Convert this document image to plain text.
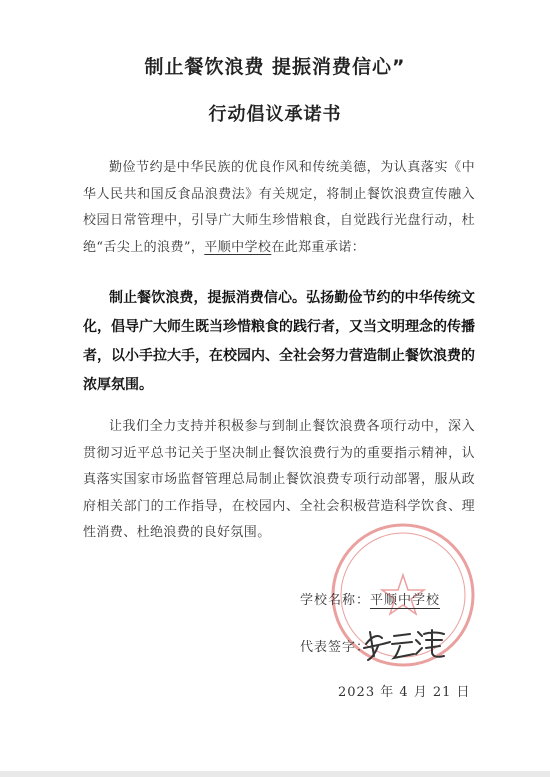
制止餐饮浪费 提振消费信心”
行动倡议承诺书

勤俭节约是中华民族的优良作风和传统美德，为认真落实《中华人民共和国反食品浪费法》有关规定，将制止餐饮浪费宣传融入校园日常管理中，引导广大师生珍惜粮食，自觉践行光盘行动，杜绝“舌尖上的浪费”，平顺中学校在此郑重承诺：

制止餐饮浪费，提振消费信心。弘扬勤俭节约的中华传统文化，倡导广大师生既当珍惜粮食的践行者，又当文明理念的传播者，以小手拉大手，在校园内、全社会努力营造制止餐饮浪费的浓厚氛围。

让我们全力支持并积极参与到制止餐饮浪费各项行动中，深入贯彻习近平总书记关于坚决制止餐饮浪费行为的重要指示精神，认真落实国家市场监督管理总局制止餐饮浪费专项行动部署，服从政府相关部门的工作指导，在校园内、全社会积极营造科学饮食、理性消费、杜绝浪费的良好氛围。

学校名称：平顺中学校
代表签字：
2023 年 4 月 21 日
